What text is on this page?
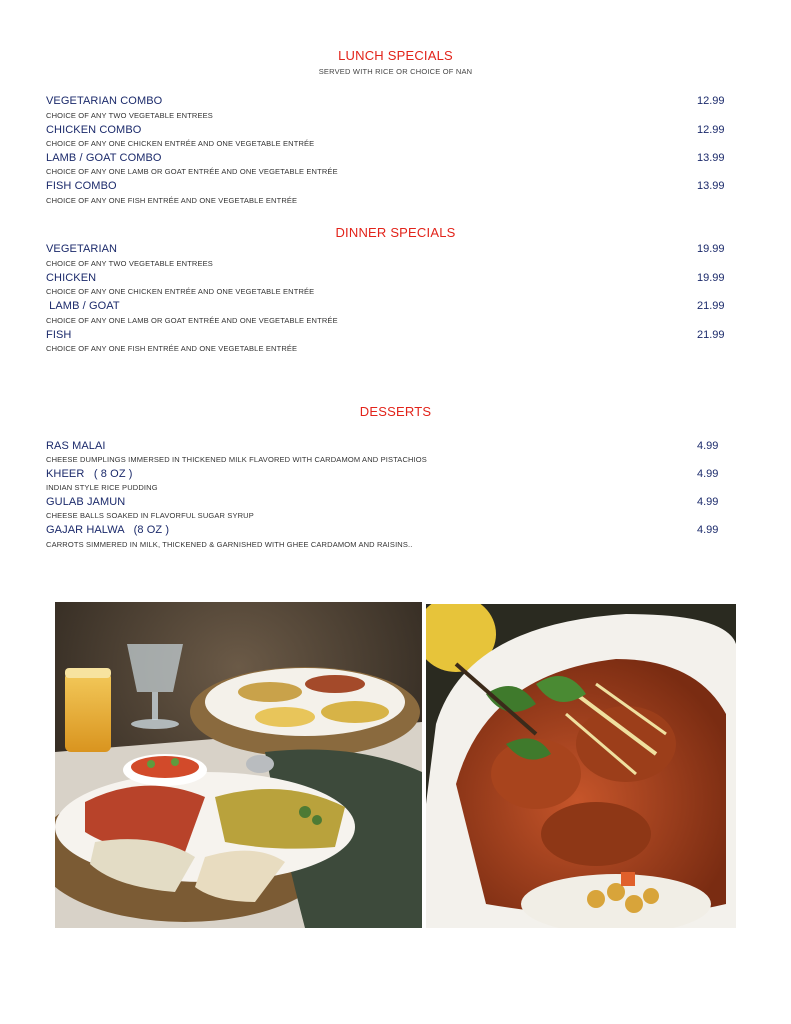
LUNCH SPECIALS
SERVED WITH RICE OR CHOICE OF NAN
VEGETARIAN COMBO	12.99
CHOICE OF ANY TWO VEGETABLE ENTREES
CHICKEN COMBO	12.99
CHOICE OF ANY ONE CHICKEN ENTRÉE AND ONE VEGETABLE ENTRÉE
LAMB / GOAT COMBO	13.99
CHOICE OF ANY ONE LAMB OR GOAT ENTRÉE AND ONE VEGETABLE ENTRÉE
FISH COMBO	13.99
CHOICE OF ANY ONE FISH ENTRÉE AND ONE VEGETABLE ENTRÉE
DINNER SPECIALS
VEGETARIAN	19.99
CHOICE OF ANY TWO VEGETABLE ENTREES
CHICKEN	19.99
CHOICE OF ANY ONE CHICKEN ENTRÉE AND ONE VEGETABLE ENTRÉE
LAMB / GOAT	21.99
CHOICE OF ANY ONE LAMB OR GOAT ENTRÉE AND ONE VEGETABLE ENTRÉE
FISH	21.99
CHOICE OF ANY ONE FISH ENTRÉE AND ONE VEGETABLE ENTRÉE
DESSERTS
RAS MALAI	4.99
CHEESE DUMPLINGS IMMERSED IN THICKENED MILK FLAVORED WITH CARDAMOM AND PISTACHIOS
KHEER   ( 8 OZ )	4.99
INDIAN STYLE RICE PUDDING
GULAB JAMUN	4.99
CHEESE BALLS SOAKED IN FLAVORFUL SUGAR SYRUP
GAJAR HALWA   (8 OZ )	4.99
CARROTS SIMMERED IN MILK, THICKENED & GARNISHED WITH GHEE CARDAMOM AND RAISINS..
